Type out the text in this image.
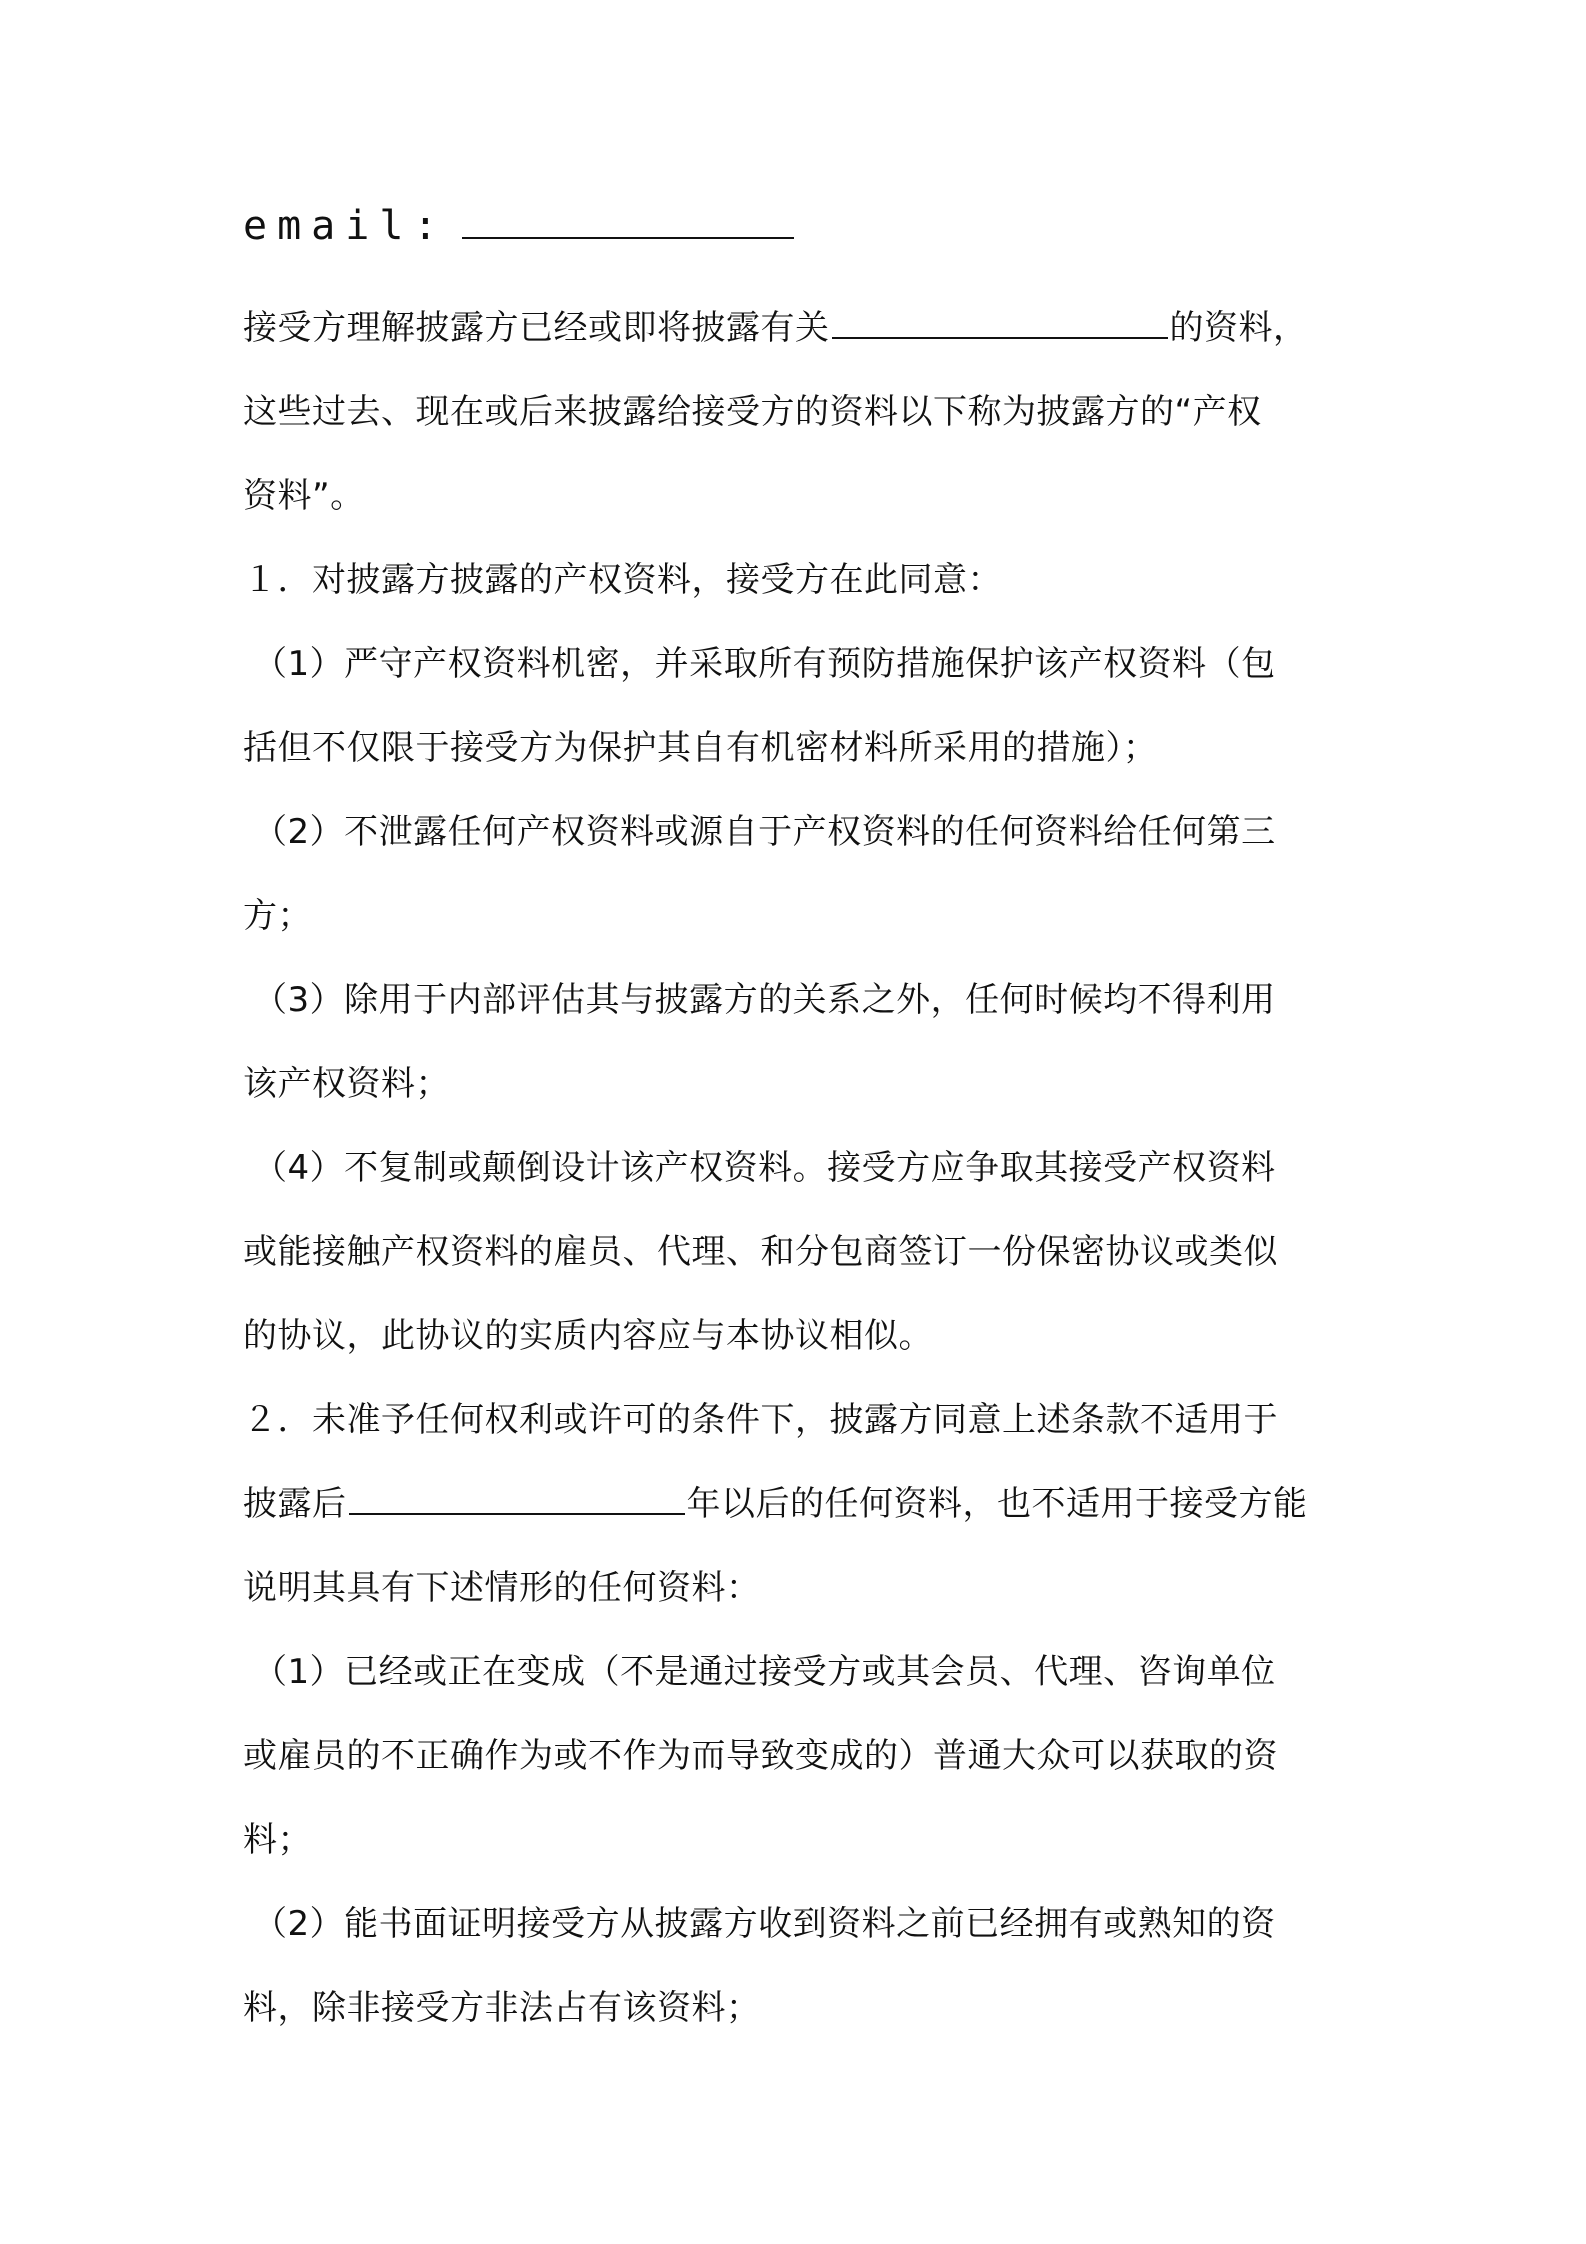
email:
接受方理解披露方已经或即将披露有关	的资料，
这些过去、现在或后来披露给接受方的资料以下称为披露方的“产权
资料”。
１．对披露方披露的产权资料，接受方在此同意：
（1）严守产权资料机密，并采取所有预防措施保护该产权资料（包
括但不仅限于接受方为保护其自有机密材料所采用的措施）；
（2）不泄露任何产权资料或源自于产权资料的任何资料给任何第三
方；
（3）除用于内部评估其与披露方的关系之外，任何时候均不得利用
该产权资料；
（4）不复制或颠倒设计该产权资料。接受方应争取其接受产权资料
或能接触产权资料的雇员、代理、和分包商签订一份保密协议或类似
的协议，此协议的实质内容应与本协议相似。
２．未准予任何权利或许可的条件下，披露方同意上述条款不适用于
披露后	年以后的任何资料，也不适用于接受方能
说明其具有下述情形的任何资料：
（1）已经或正在变成（不是通过接受方或其会员、代理、咨询单位
或雇员的不正确作为或不作为而导致变成的）普通大众可以获取的资
料；
（2）能书面证明接受方从披露方收到资料之前已经拥有或熟知的资
料，除非接受方非法占有该资料；
